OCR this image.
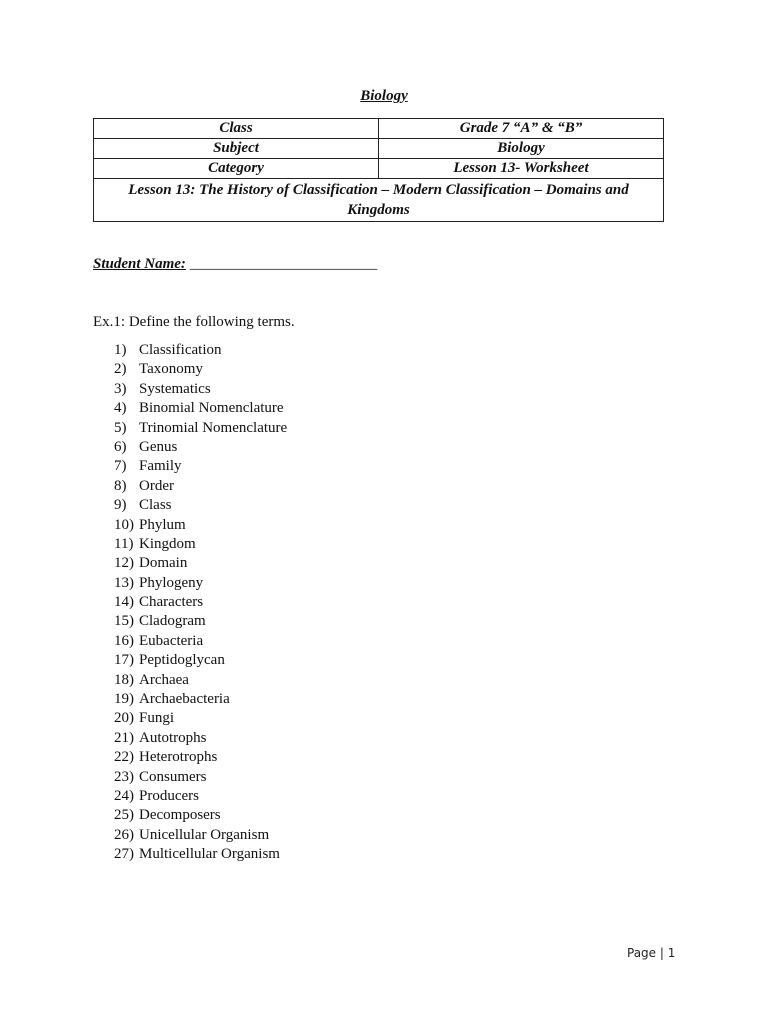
Biology
Class	Grade 7 “A” & “B”
Subject	Biology
Category	Lesson 13- Worksheet
Lesson 13: The History of Classification – Modern Classification – Domains and Kingdoms	
Student Name: _________________________
Ex.1: Define the following terms.
1) Classification
2) Taxonomy
3) Systematics
4) Binomial Nomenclature
5) Trinomial Nomenclature
6) Genus
7) Family
8) Order
9) Class
10) Phylum
11) Kingdom
12) Domain
13) Phylogeny
14) Characters
15) Cladogram
16) Eubacteria
17) Peptidoglycan
18) Archaea
19) Archaebacteria
20) Fungi
21) Autotrophs
22) Heterotrophs
23) Consumers
24) Producers
25) Decomposers
26) Unicellular Organism
27) Multicellular Organism
Page | 1
